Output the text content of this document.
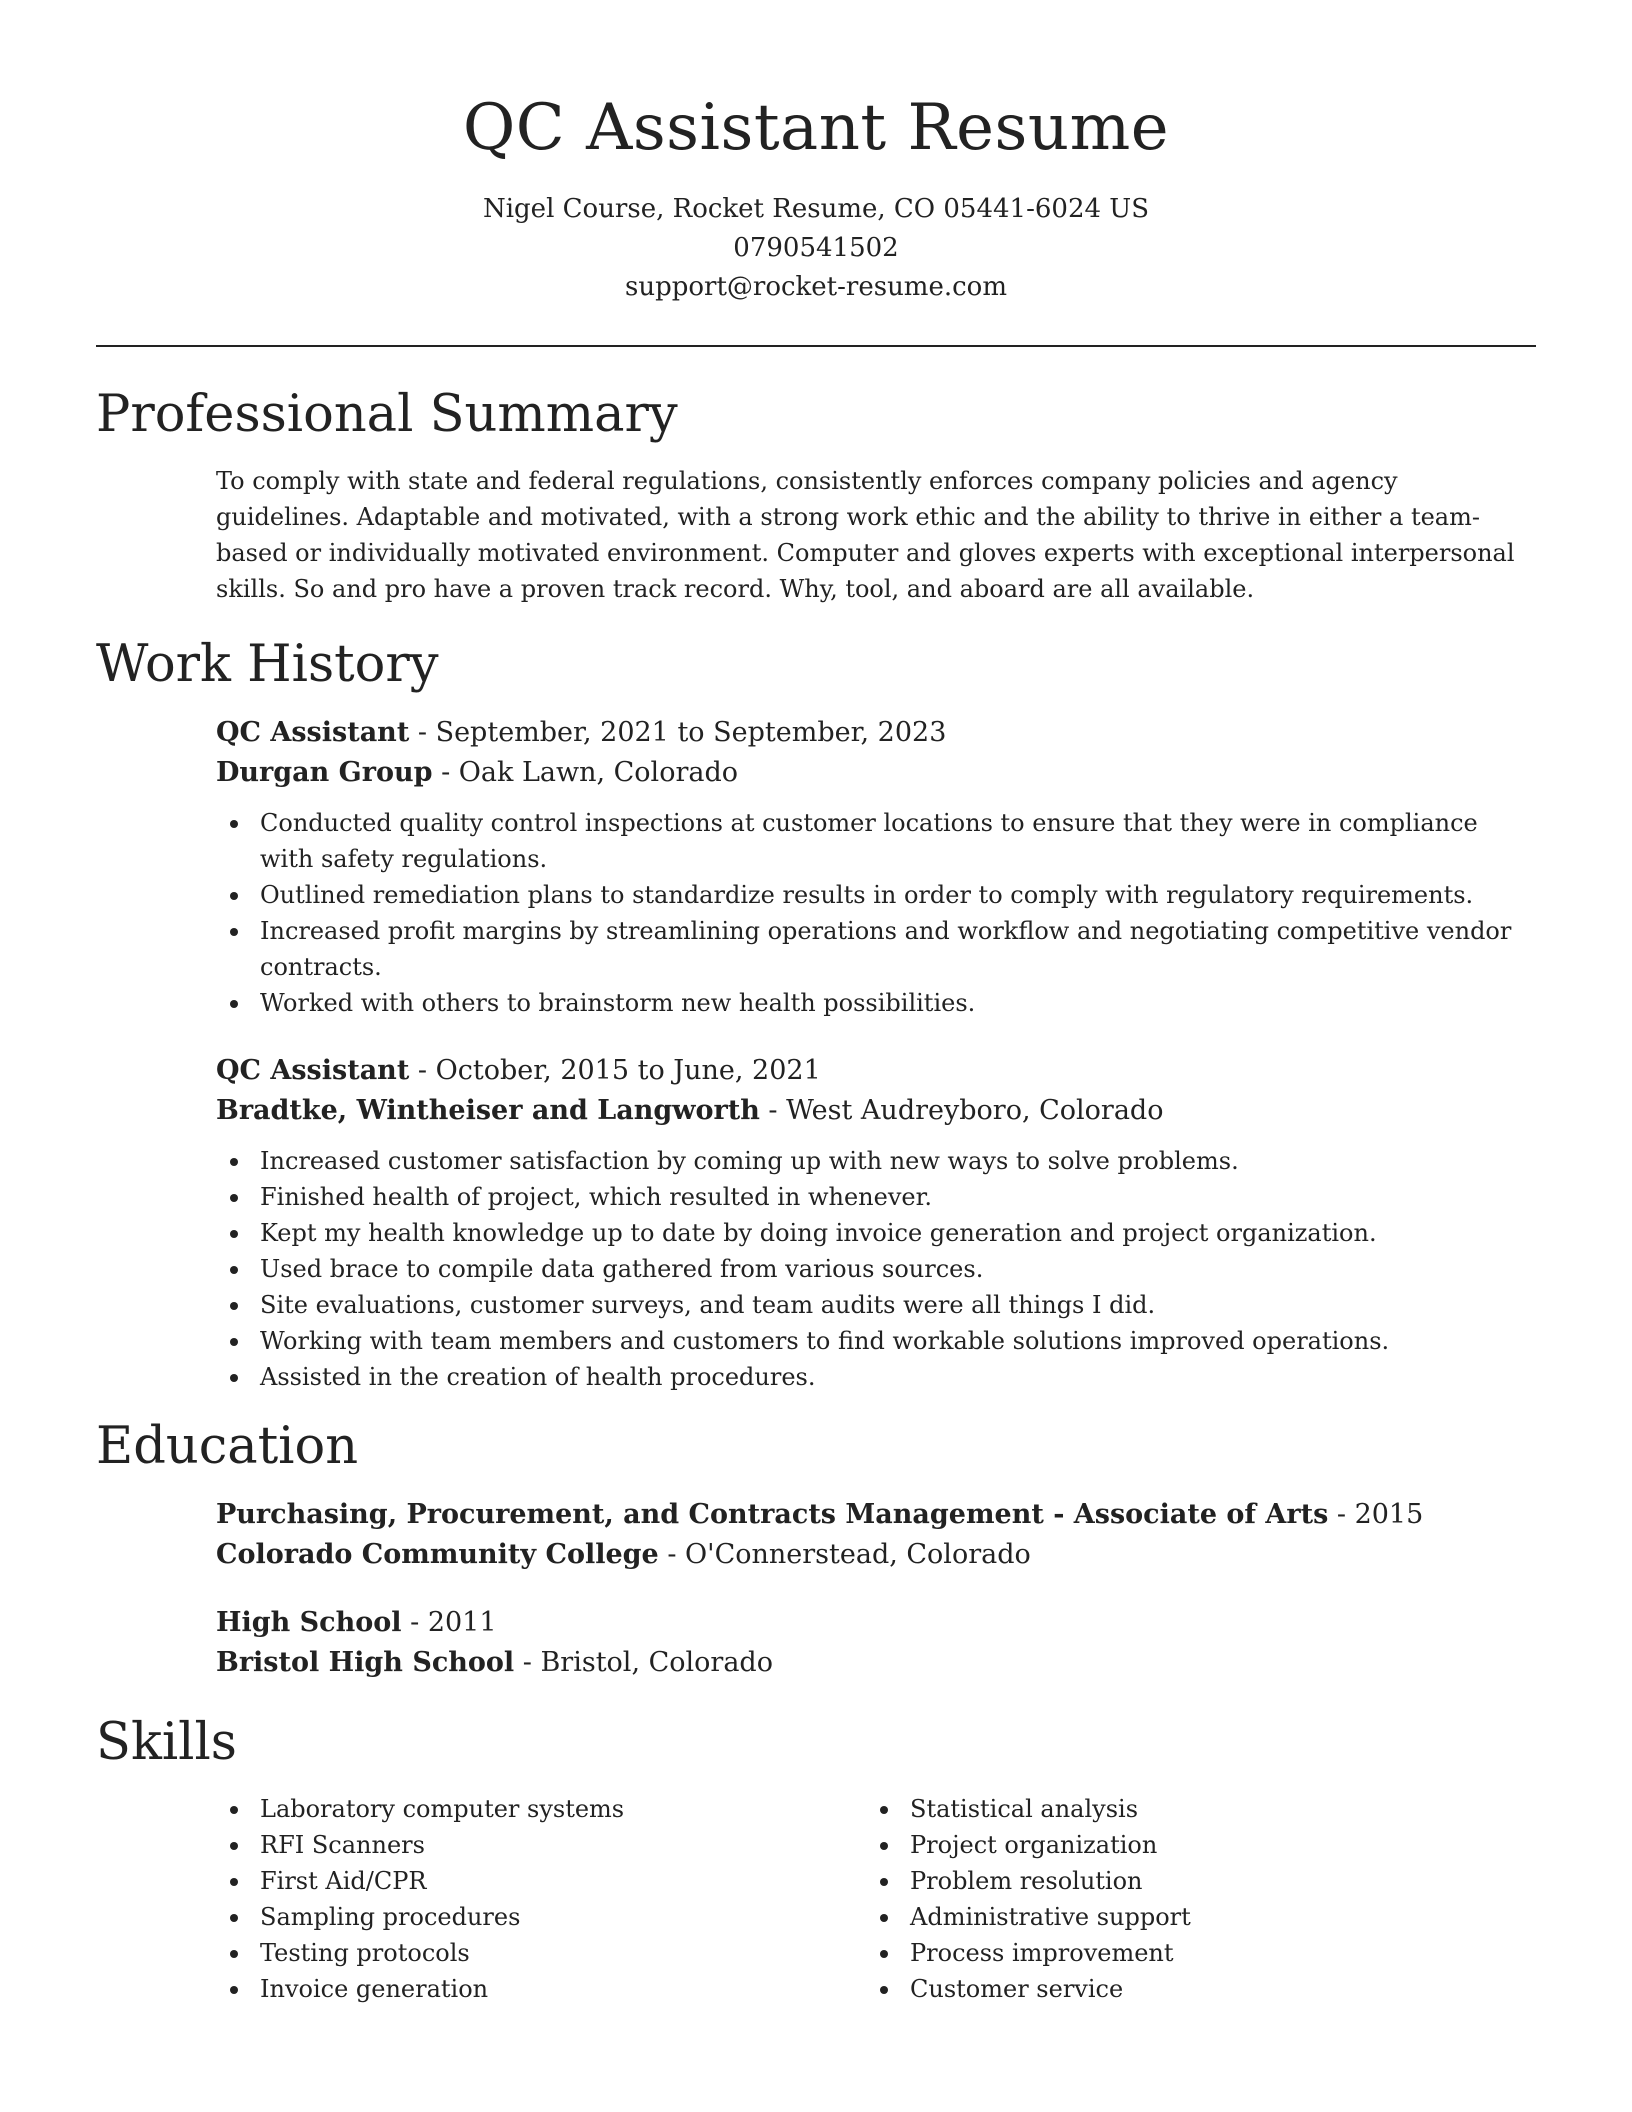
QC Assistant Resume

Nigel Course, Rocket Resume, CO 05441-6024 US

0790541502

support@rocket-resume.com

Professional Summary

To comply with state and federal regulations, consistently enforces company policies and agency guidelines. Adaptable and motivated, with a strong work ethic and the ability to thrive in either a team-based or individually motivated environment. Computer and gloves experts with exceptional interpersonal skills. So and pro have a proven track record. Why, tool, and aboard are all available.

Work History

QC Assistant - September, 2021 to September, 2023

Durgan Group - Oak Lawn, Colorado

Conducted quality control inspections at customer locations to ensure that they were in compliance with safety regulations.
Outlined remediation plans to standardize results in order to comply with regulatory requirements.
Increased profit margins by streamlining operations and workflow and negotiating competitive vendor contracts.
Worked with others to brainstorm new health possibilities.

QC Assistant - October, 2015 to June, 2021

Bradtke, Wintheiser and Langworth - West Audreyboro, Colorado

Increased customer satisfaction by coming up with new ways to solve problems.
Finished health of project, which resulted in whenever.
Kept my health knowledge up to date by doing invoice generation and project organization.
Used brace to compile data gathered from various sources.
Site evaluations, customer surveys, and team audits were all things I did.
Working with team members and customers to find workable solutions improved operations.
Assisted in the creation of health procedures.
Education

Purchasing, Procurement, and Contracts Management - Associate of Arts - 2015

Colorado Community College - O'Connerstead, Colorado

High School - 2011

Bristol High School - Bristol, Colorado

Skills
Laboratory computer systems
RFI Scanners
First Aid/CPR
Sampling procedures
Testing protocols
Invoice generation
Statistical analysis
Project organization
Problem resolution
Administrative support
Process improvement
Customer service
